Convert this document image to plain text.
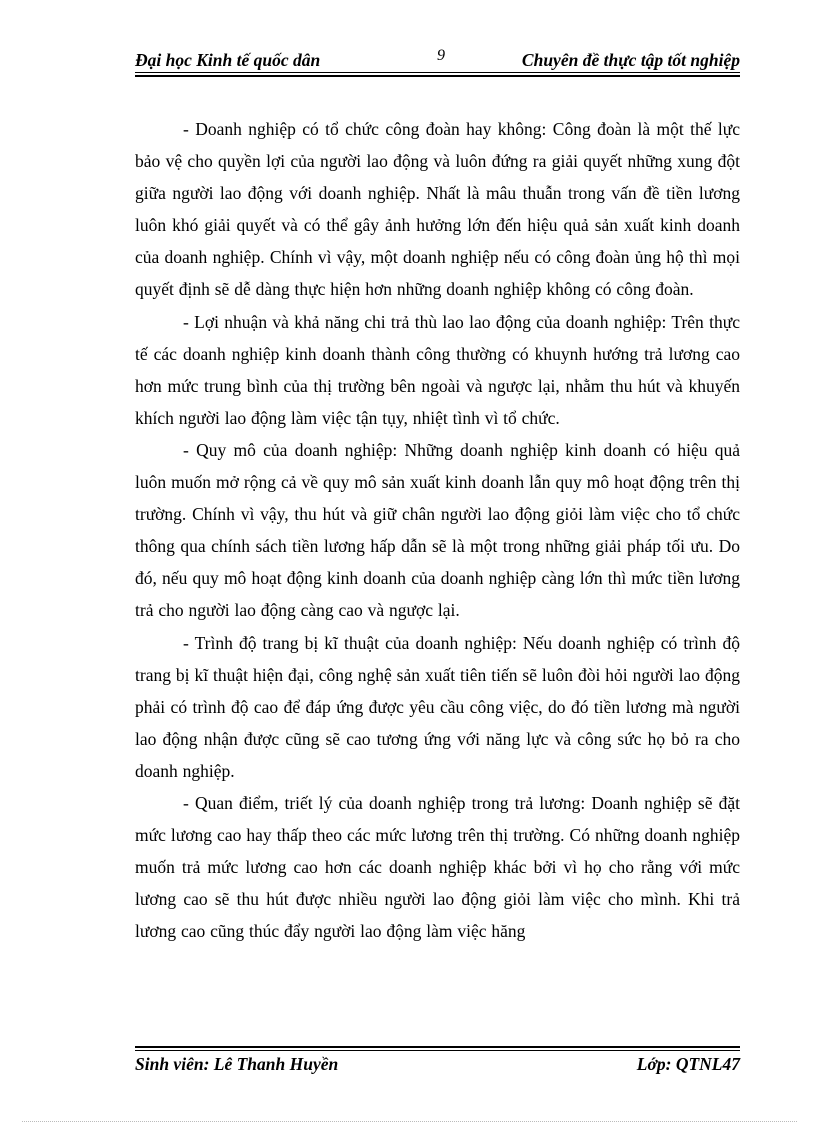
Đại học Kinh tế quốc dân	9	Chuyên đề thực tập tốt nghiệp

- Doanh nghiệp có tổ chức công đoàn hay không: Công đoàn là một thế lực bảo vệ cho quyền lợi của người lao động và luôn đứng ra giải quyết những xung đột giữa người lao động với doanh nghiệp. Nhất là mâu thuẫn trong vấn đề tiền lương luôn khó giải quyết và có thể gây ảnh hưởng lớn đến hiệu quả sản xuất kinh doanh của doanh nghiệp. Chính vì vậy, một doanh nghiệp nếu có công đoàn ủng hộ thì mọi quyết định sẽ dễ dàng thực hiện hơn những doanh nghiệp không có công đoàn.

- Lợi nhuận và khả năng chi trả thù lao lao động của doanh nghiệp: Trên thực tế các doanh nghiệp kinh doanh thành công thường có khuynh hướng trả lương cao hơn mức trung bình của thị trường bên ngoài và ngược lại, nhằm thu hút và khuyến khích người lao động làm việc tận tụy, nhiệt tình vì tổ chức.

- Quy mô của doanh nghiệp: Những doanh nghiệp kinh doanh có hiệu quả luôn muốn mở rộng cả về quy mô sản xuất kinh doanh lẫn quy mô hoạt động trên thị trường. Chính vì vậy, thu hút và giữ chân người lao động giỏi làm việc cho tổ chức thông qua chính sách tiền lương hấp dẫn sẽ là một trong những giải pháp tối ưu. Do đó, nếu quy mô hoạt động kinh doanh của doanh nghiệp càng lớn thì mức tiền lương trả cho người lao động càng cao và ngược lại.

- Trình độ trang bị kĩ thuật của doanh nghiệp: Nếu doanh nghiệp có trình độ trang bị kĩ thuật hiện đại, công nghệ sản xuất tiên tiến sẽ luôn đòi hỏi người lao động phải có trình độ cao để đáp ứng được yêu cầu công việc, do đó tiền lương mà người lao động nhận được cũng sẽ cao tương ứng với năng lực và công sức họ bỏ ra cho doanh nghiệp.

- Quan điểm, triết lý của doanh nghiệp trong trả lương: Doanh nghiệp sẽ đặt mức lương cao hay thấp theo các mức lương trên thị trường. Có những doanh nghiệp muốn trả mức lương cao hơn các doanh nghiệp khác bởi vì họ cho rằng với mức lương cao sẽ thu hút được nhiều người lao động giỏi làm việc cho mình. Khi trả lương cao cũng thúc đẩy người lao động làm việc hăng

Sinh viên: Lê Thanh Huyền	Lớp: QTNL47
